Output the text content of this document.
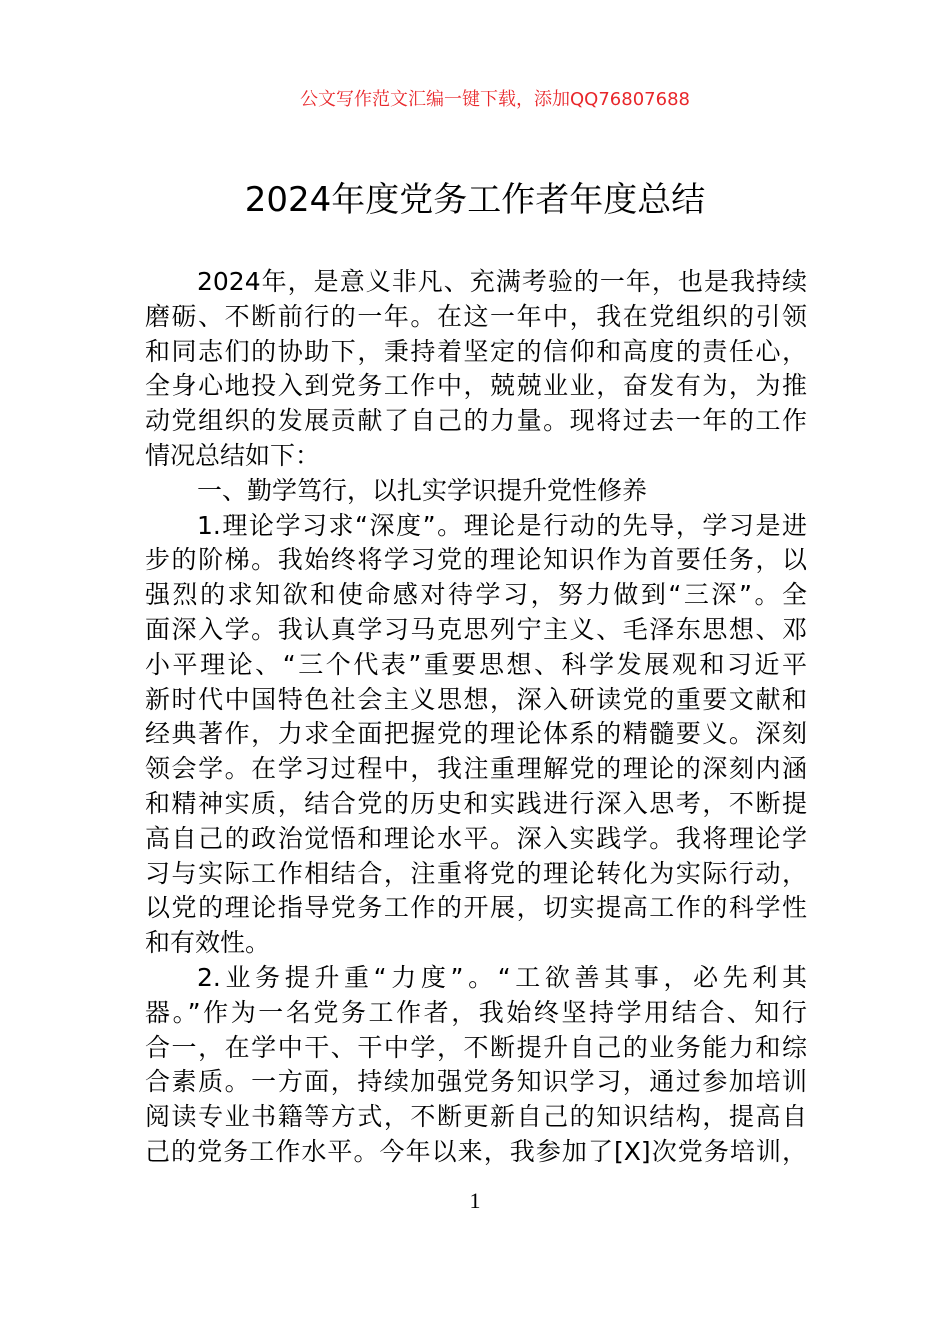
公文写作范文汇编一键下载，添加QQ76807688
2024年度党务工作者年度总结
2024年，是意义非凡、充满考验的一年，也是我持续
磨砺、不断前行的一年。在这一年中，我在党组织的引领
和同志们的协助下，秉持着坚定的信仰和高度的责任心，
全身心地投入到党务工作中，兢兢业业，奋发有为，为推
动党组织的发展贡献了自己的力量。现将过去一年的工作
情况总结如下：
一、勤学笃行，以扎实学识提升党性修养
1.理论学习求“深度”。理论是行动的先导，学习是进
步的阶梯。我始终将学习党的理论知识作为首要任务，以
强烈的求知欲和使命感对待学习，努力做到“三深”。全
面深入学。我认真学习马克思列宁主义、毛泽东思想、邓
小平理论、“三个代表”重要思想、科学发展观和习近平
新时代中国特色社会主义思想，深入研读党的重要文献和
经典著作，力求全面把握党的理论体系的精髓要义。深刻
领会学。在学习过程中，我注重理解党的理论的深刻内涵
和精神实质，结合党的历史和实践进行深入思考，不断提
高自己的政治觉悟和理论水平。深入实践学。我将理论学
习与实际工作相结合，注重将党的理论转化为实际行动，
以党的理论指导党务工作的开展，切实提高工作的科学性
和有效性。
2.业务提升重“力度”。“工欲善其事，必先利其
器。”作为一名党务工作者，我始终坚持学用结合、知行
合一，在学中干、干中学，不断提升自己的业务能力和综
合素质。一方面，持续加强党务知识学习，通过参加培训
阅读专业书籍等方式，不断更新自己的知识结构，提高自
己的党务工作水平。今年以来，我参加了[X]次党务培训，
1
